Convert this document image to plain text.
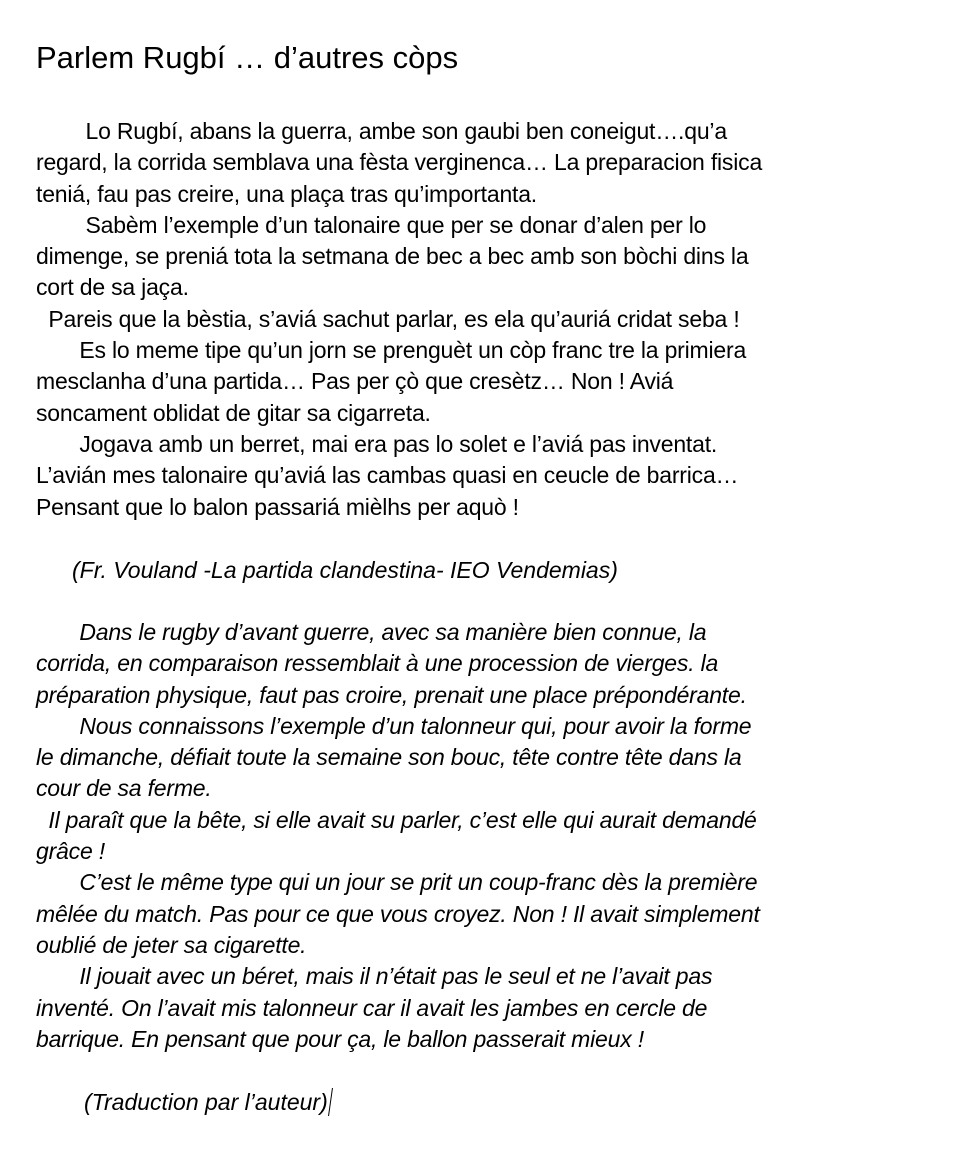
Parlem Rugbí … d’autres còps
Lo Rugbí, abans la guerra, ambe son gaubi ben coneigut….qu’a
regard, la corrida semblava una fèsta verginenca… La preparacion fisica
teniá, fau pas creire, una plaça tras qu’importanta.
Sabèm l’exemple d’un talonaire que per se donar d’alen per lo
dimenge, se preniá tota la setmana de bec a bec amb son bòchi dins la
cort de sa jaça.
Pareis que la bèstia, s’aviá sachut parlar, es ela qu’auriá cridat seba !
Es lo meme tipe qu’un jorn se prenguèt un còp franc tre la primiera
mesclanha d’una partida… Pas per çò que cresètz… Non ! Aviá
soncament oblidat de gitar sa cigarreta.
Jogava amb un berret, mai era pas lo solet e l’aviá pas inventat.
L’avián mes talonaire qu’aviá las cambas quasi en ceucle de barrica…
Pensant que lo balon passariá mièlhs per aquò !
(Fr. Vouland -La partida clandestina- IEO Vendemias)
Dans le rugby d’avant guerre, avec sa manière bien connue, la
corrida, en comparaison ressemblait à une procession de vierges. la
préparation physique, faut pas croire, prenait une place prépondérante.
Nous connaissons l’exemple d’un talonneur qui, pour avoir la forme
le dimanche, défiait toute la semaine son bouc, tête contre tête dans la
cour de sa ferme.
Il paraît que la bête, si elle avait su parler, c’est elle qui aurait demandé
grâce !
C’est le même type qui un jour se prit un coup-franc dès la première
mêlée du match. Pas pour ce que vous croyez. Non ! Il avait simplement
oublié de jeter sa cigarette.
Il jouait avec un béret, mais il n’était pas le seul et ne l’avait pas
inventé. On l’avait mis talonneur car il avait les jambes en cercle de
barrique. En pensant que pour ça, le ballon passerait mieux !
(Traduction par l’auteur)
